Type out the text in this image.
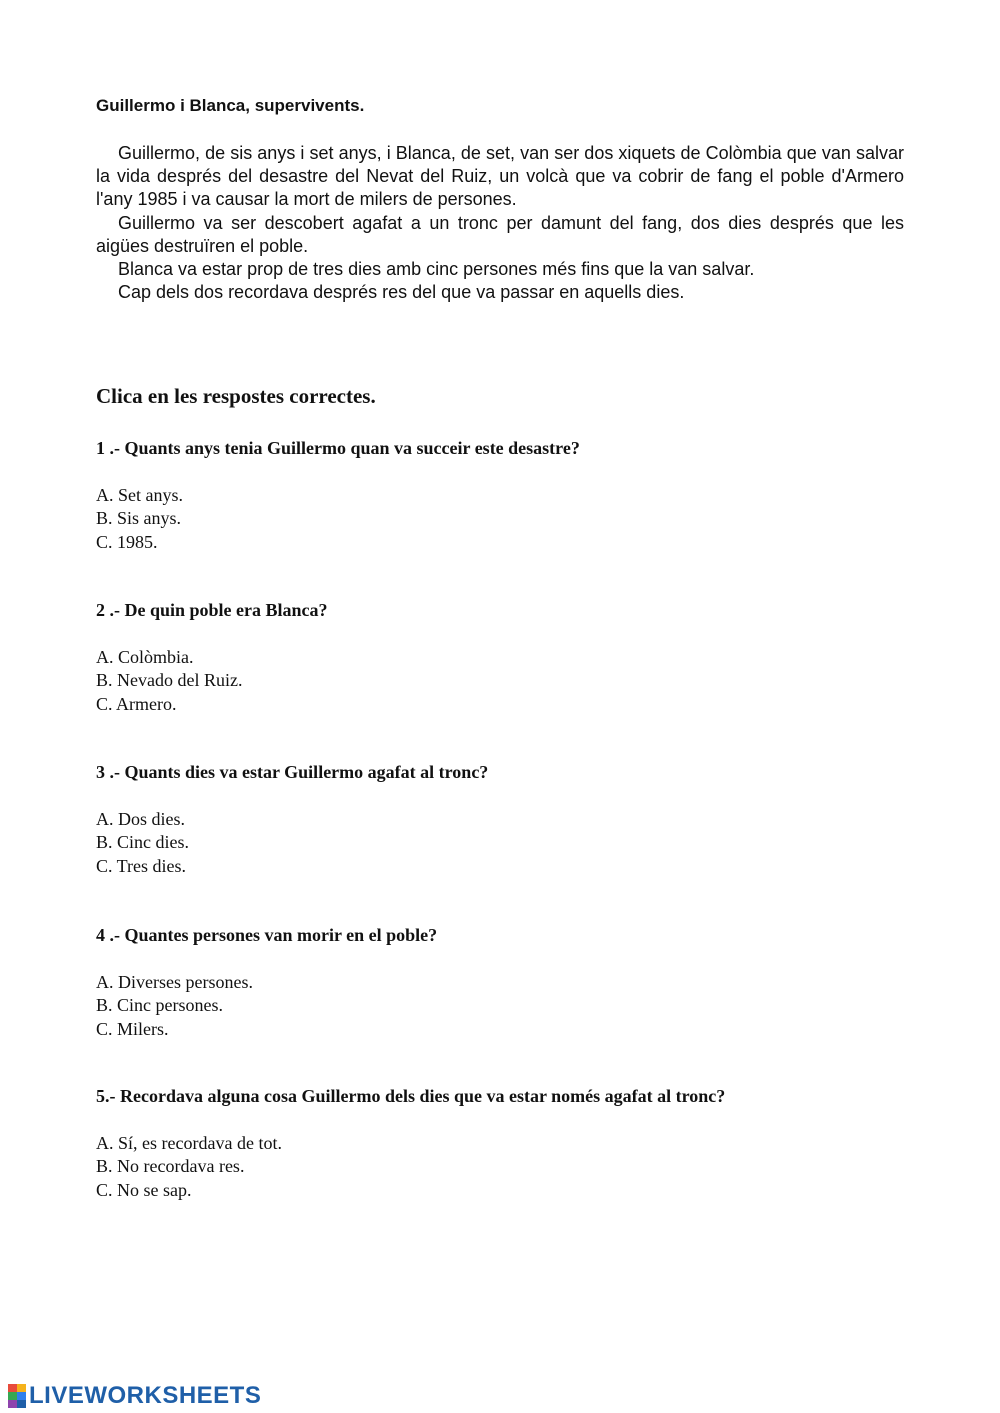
Guillermo i Blanca, supervivents.

Guillermo, de sis anys i set anys, i Blanca, de set, van ser dos xiquets de Colòmbia que van salvar la vida després del desastre del Nevat del Ruiz, un volcà que va cobrir de fang el poble d'Armero l'any 1985 i va causar la mort de milers de persones.

Guillermo va ser descobert agafat a un tronc per damunt del fang, dos dies després que les aigües destruïren el poble.

Blanca va estar prop de tres dies amb cinc persones més fins que la van salvar.

Cap dels dos recordava després res del que va passar en aquells dies.

Clica en les respostes correctes.

1 .- Quants anys tenia Guillermo quan va succeir este desastre?

A. Set anys.
B. Sis anys.
C. 1985.

2 .- De quin poble era Blanca?

A. Colòmbia.
B. Nevado del Ruiz.
C. Armero.

3 .- Quants dies va estar Guillermo agafat al tronc?

A. Dos dies.
B. Cinc dies.
C. Tres dies.

4 .- Quantes persones van morir en el poble?

A. Diverses persones.
B. Cinc persones.
C. Milers.

5.- Recordava alguna cosa Guillermo dels dies que va estar només agafat al tronc?

A. Sí, es recordava de tot.
B. No recordava res.
C. No se sap.
LIVEWORKSHEETS
